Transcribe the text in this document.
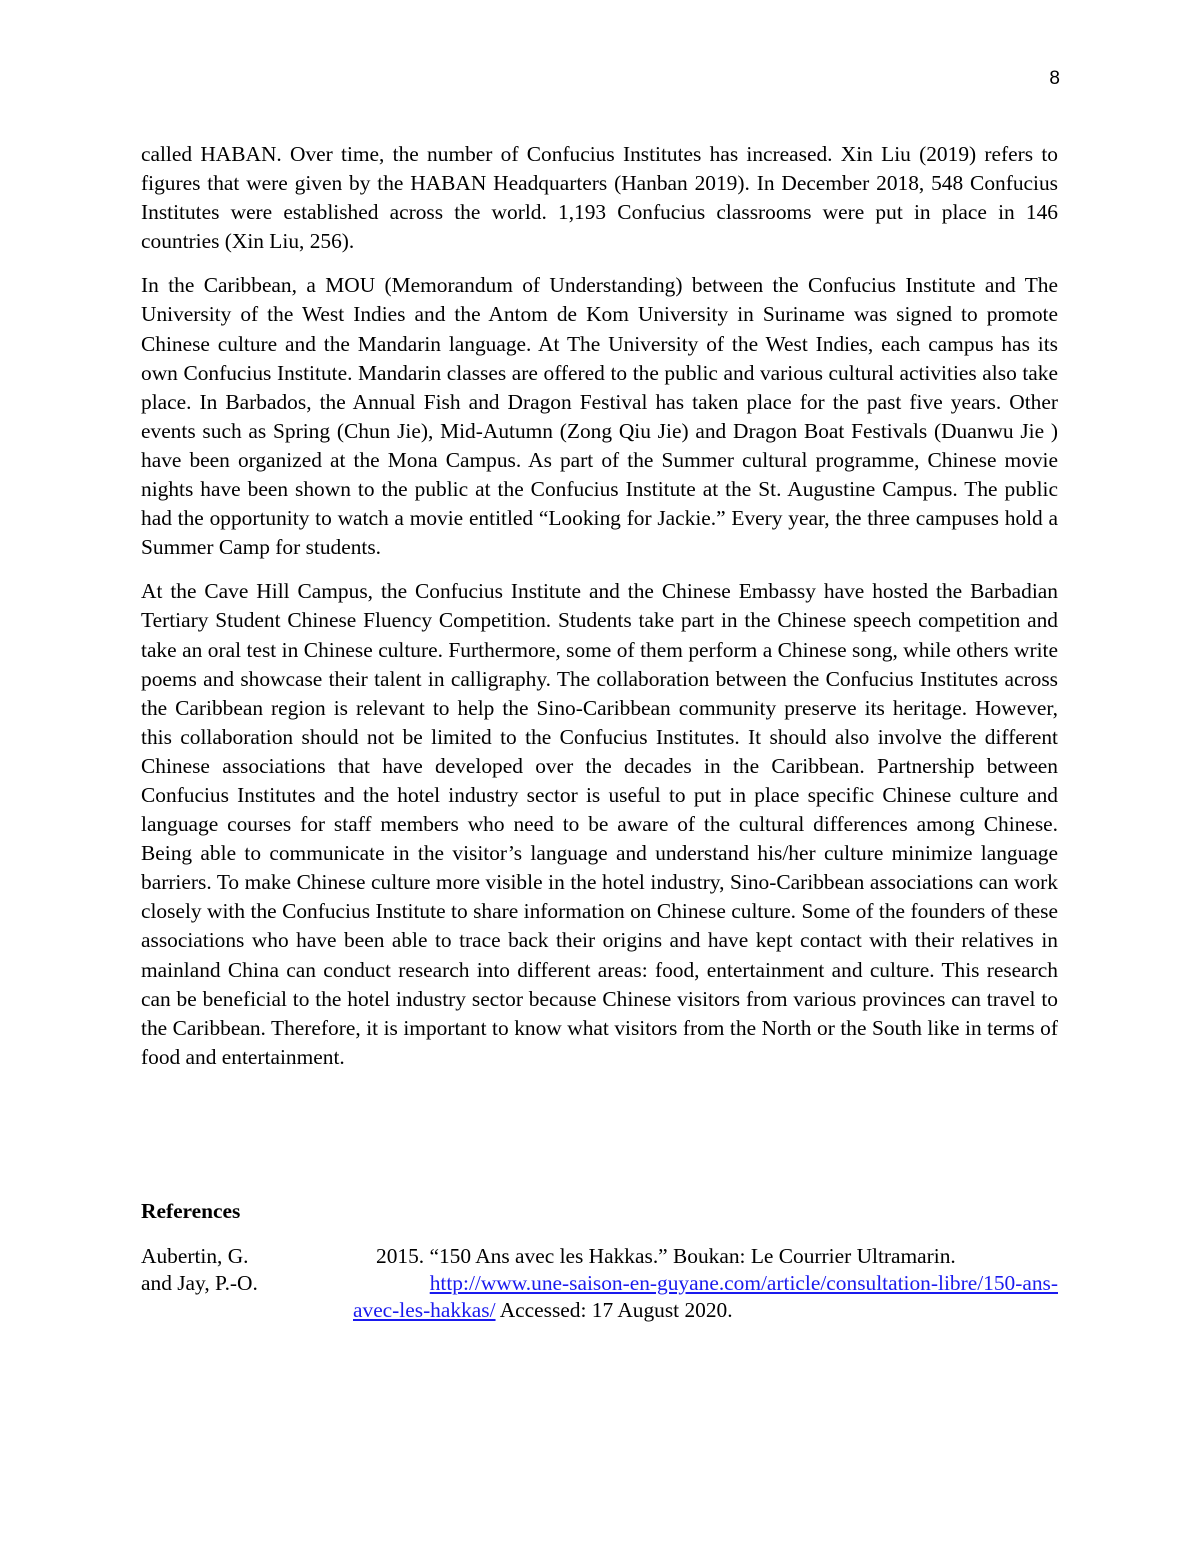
8

called HABAN. Over time, the number of Confucius Institutes has increased. Xin Liu (2019) refers to figures that were given by the HABAN Headquarters (Hanban 2019). In December 2018, 548 Confucius Institutes were established across the world. 1,193 Confucius classrooms were put in place in 146 countries (Xin Liu, 256).

In the Caribbean, a MOU (Memorandum of Understanding) between the Confucius Institute and The University of the West Indies and the Antom de Kom University in Suriname was signed to promote Chinese culture and the Mandarin language. At The University of the West Indies, each campus has its own Confucius Institute. Mandarin classes are offered to the public and various cultural activities also take place. In Barbados, the Annual Fish and Dragon Festival has taken place for the past five years. Other events such as Spring (Chun Jie), Mid-Autumn (Zong Qiu Jie) and Dragon Boat Festivals (Duanwu Jie ) have been organized at the Mona Campus. As part of the Summer cultural programme, Chinese movie nights have been shown to the public at the Confucius Institute at the St. Augustine Campus. The public had the opportunity to watch a movie entitled “Looking for Jackie.” Every year, the three campuses hold a Summer Camp for students.

At the Cave Hill Campus, the Confucius Institute and the Chinese Embassy have hosted the Barbadian Tertiary Student Chinese Fluency Competition. Students take part in the Chinese speech competition and take an oral test in Chinese culture. Furthermore, some of them perform a Chinese song, while others write poems and showcase their talent in calligraphy. The collaboration between the Confucius Institutes across the Caribbean region is relevant to help the Sino-Caribbean community preserve its heritage. However, this collaboration should not be limited to the Confucius Institutes. It should also involve the different Chinese associations that have developed over the decades in the Caribbean. Partnership between Confucius Institutes and the hotel industry sector is useful to put in place specific Chinese culture and language courses for staff members who need to be aware of the cultural differences among Chinese. Being able to communicate in the visitor’s language and understand his/her culture minimize language barriers. To make Chinese culture more visible in the hotel industry, Sino-Caribbean associations can work closely with the Confucius Institute to share information on Chinese culture. Some of the founders of these associations who have been able to trace back their origins and have kept contact with their relatives in mainland China can conduct research into different areas: food, entertainment and culture. This research can be beneficial to the hotel industry sector because Chinese visitors from various provinces can travel to the Caribbean. Therefore, it is important to know what visitors from the North or the South like in terms of food and entertainment.

References
Aubertin, G.
and Jay, P.-O.
2015. “150 Ans avec les Hakkas.” Boukan: Le Courrier Ultramarin.
http://www.une-saison-en-guyane.com/article/consultation-libre/150-ans-
avec-les-hakkas/ Accessed: 17 August 2020.
